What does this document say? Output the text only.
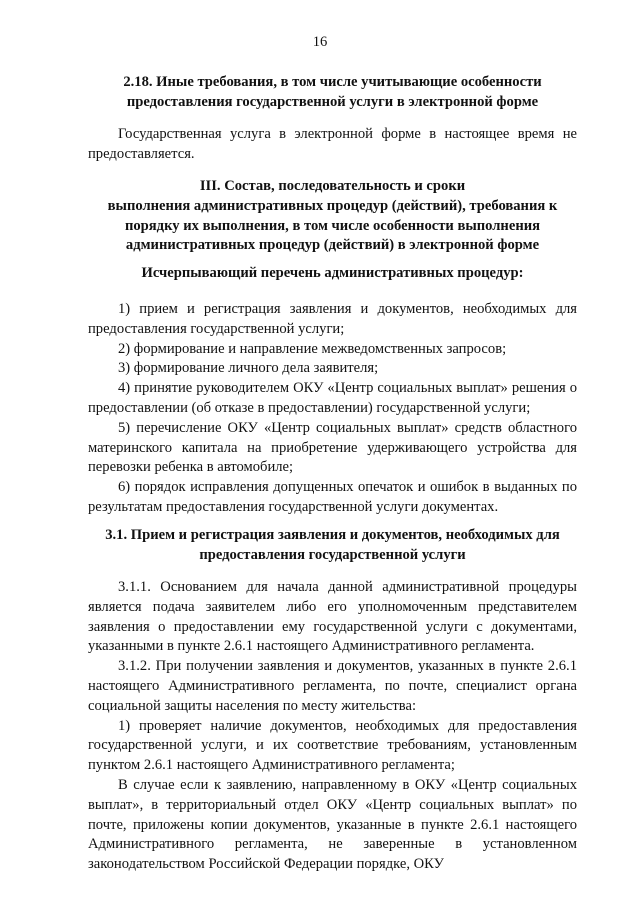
16
2.18. Иные требования, в том числе учитывающие особенности предоставления государственной услуги в электронной форме
Государственная услуга в электронной форме в настоящее время не предоставляется.
III. Состав, последовательность и сроки
выполнения административных процедур (действий), требования к порядку их выполнения, в том числе особенности выполнения административных процедур (действий) в электронной форме
Исчерпывающий перечень административных процедур:

1) прием и регистрация заявления и документов, необходимых для предоставления государственной услуги;

2) формирование и направление межведомственных запросов;

3) формирование личного дела заявителя;

4) принятие руководителем ОКУ «Центр социальных выплат» решения о предоставлении (об отказе в предоставлении) государственной услуги;

5) перечисление ОКУ «Центр социальных выплат» средств областного материнского капитала на приобретение удерживающего устройства для перевозки ребенка в автомобиле;

6) порядок исправления допущенных опечаток и ошибок в выданных по результатам предоставления государственной услуги документах.

3.1. Прием и регистрация заявления и документов, необходимых для предоставления государственной услуги

3.1.1. Основанием для начала данной административной процедуры является подача заявителем либо его уполномоченным представителем заявления о предоставлении ему государственной услуги с документами, указанными в пункте 2.6.1 настоящего Административного регламента.

3.1.2. При получении заявления и документов, указанных в пункте 2.6.1 настоящего Административного регламента, по почте, специалист органа социальной защиты населения по месту жительства:

1) проверяет наличие документов, необходимых для предоставления государственной услуги, и их соответствие требованиям, установленным пунктом 2.6.1 настоящего Административного регламента;

В случае если к заявлению, направленному в ОКУ «Центр социальных выплат», в территориальный отдел ОКУ «Центр социальных выплат» по почте, приложены копии документов, указанные в пункте 2.6.1 настоящего Административного регламента, не заверенные в установленном законодательством Российской Федерации порядке, ОКУ
